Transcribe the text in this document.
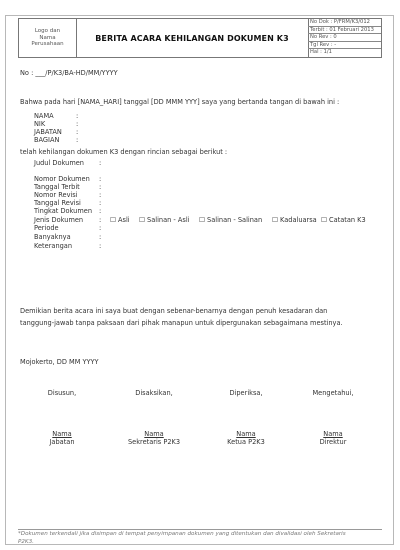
Logo dan
Nama
Perusahaan
BERITA ACARA KEHILANGAN DOKUMEN K3
No Dok : P/FRM/K3/012
Terbit : 01 Februari 2013
No Rev : 0
Tgl Rev : -
Hal : 1/1
No : ___/P/K3/BA-HD/MM/YYYY
Bahwa pada hari [NAMA_HARI] tanggal [DD MMM YYY] saya yang bertanda tangan di bawah ini :
NAMA	:
NIK	:
JABATAN :
BAGIAN	:
telah kehilangan dokumen K3 dengan rincian sebagai berikut :
Judul Dokumen :
Nomor Dokumen :
Tanggal Terbit	:
Nomor Revisi	:
Tanggal Revisi	:
Tingkat Dokumen :
Jenis Dokumen : ☐ Asli ☐ Salinan - Asli ☐ Salinan - Salinan ☐ Kadaluarsa ☐ Catatan K3
Periode	:
Banyaknya	:
Keterangan	:
Demikian berita acara ini saya buat dengan sebenar-benarnya dengan penuh kesadaran dan
tanggung-jawab tanpa paksaan dari pihak manapun untuk dipergunakan sebagaimana mestinya.
Mojokerto, DD MM YYYY
Disusun,	Disaksikan,	Diperiksa,	Mengetahui,
Nama	Nama	Nama	Nama
Jabatan	Sekretaris P2K3	Ketua P2K3	Direktur
*Dokumen terkendali jika disimpan di tempat penyimpanan dokumen yang ditentukan dan divalidasi oleh Sekretaris P2K3.
